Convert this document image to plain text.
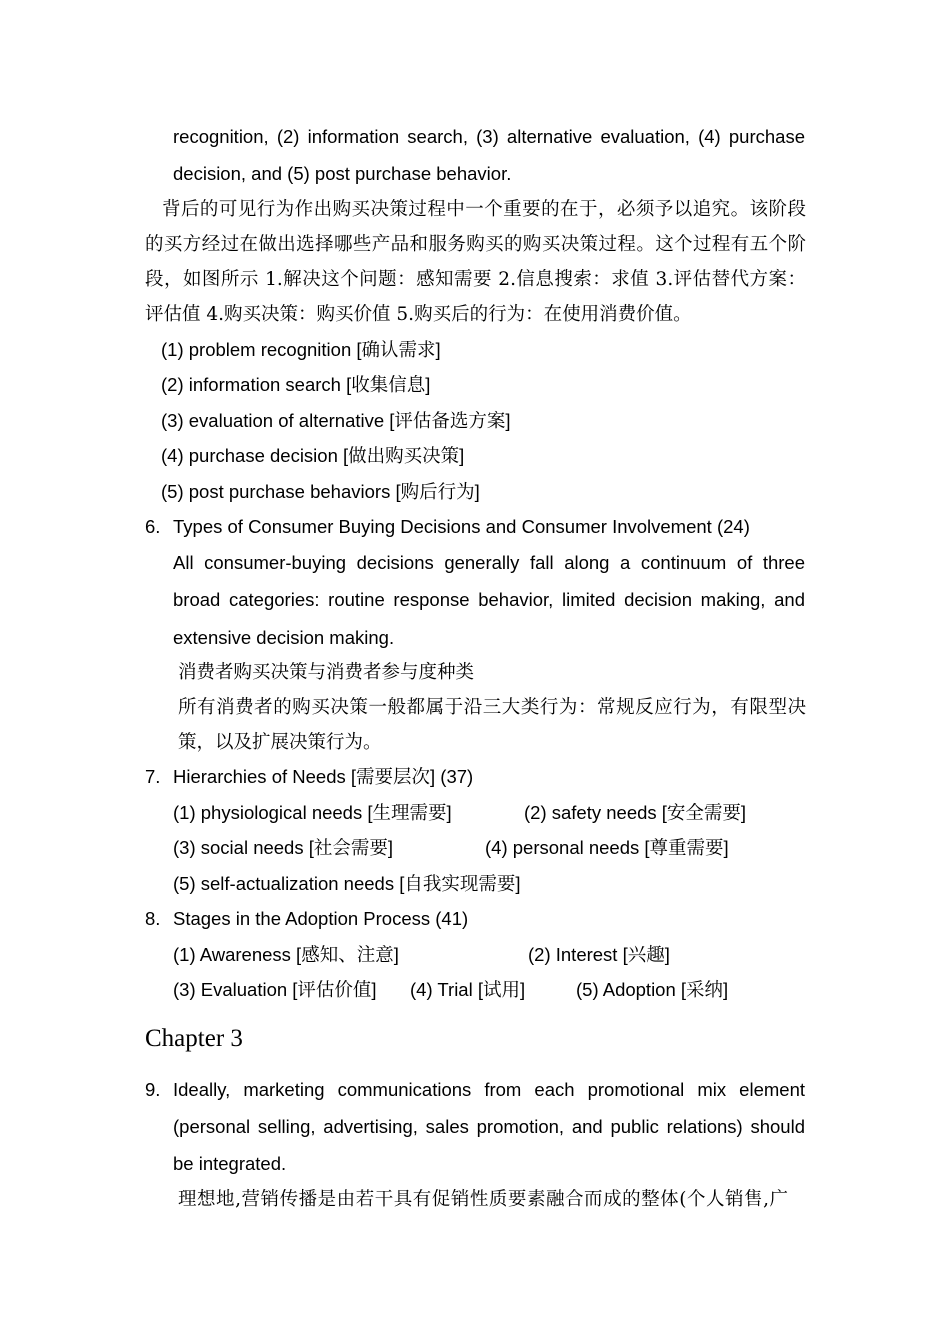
recognition, (2) information search, (3) alternative evaluation, (4) purchase
decision, and (5) post purchase behavior.
背后的可见行为作出购买决策过程中一个重要的在于，必须予以追究。该阶段
的买方经过在做出选择哪些产品和服务购买的购买决策过程。这个过程有五个阶
段，如图所示 1.解决这个问题：感知需要 2.信息搜索：求值 3.评估替代方案：
评估值 4.购买决策：购买价值 5.购买后的行为：在使用消费价值。
(1) problem recognition [确认需求]
(2) information search [收集信息]
(3) evaluation of alternative [评估备选方案]
(4) purchase decision [做出购买决策]
(5) post purchase behaviors [购后行为]
6. Types of Consumer Buying Decisions and Consumer Involvement (24)
All consumer-buying decisions generally fall along a continuum of three
broad categories: routine response behavior, limited decision making, and
extensive decision making.
消费者购买决策与消费者参与度种类
所有消费者的购买决策一般都属于沿三大类行为：常规反应行为，有限型决
策，以及扩展决策行为。
7. Hierarchies of Needs [需要层次] (37)
(1) physiological needs [生理需要]	(2) safety needs [安全需要]
(3) social needs [社会需要]	(4) personal needs [尊重需要]
(5) self-actualization needs [自我实现需要]
8. Stages in the Adoption Process (41)
(1) Awareness [感知、注意]	(2) Interest [兴趣]
(3) Evaluation [评估价值] (4) Trial [试用]	(5) Adoption [采纳]
Chapter 3
9. Ideally, marketing communications from each promotional mix element
(personal selling, advertising, sales promotion, and public relations) should
be integrated.
理想地,营销传播是由若干具有促销性质要素融合而成的整体(个人销售,广
